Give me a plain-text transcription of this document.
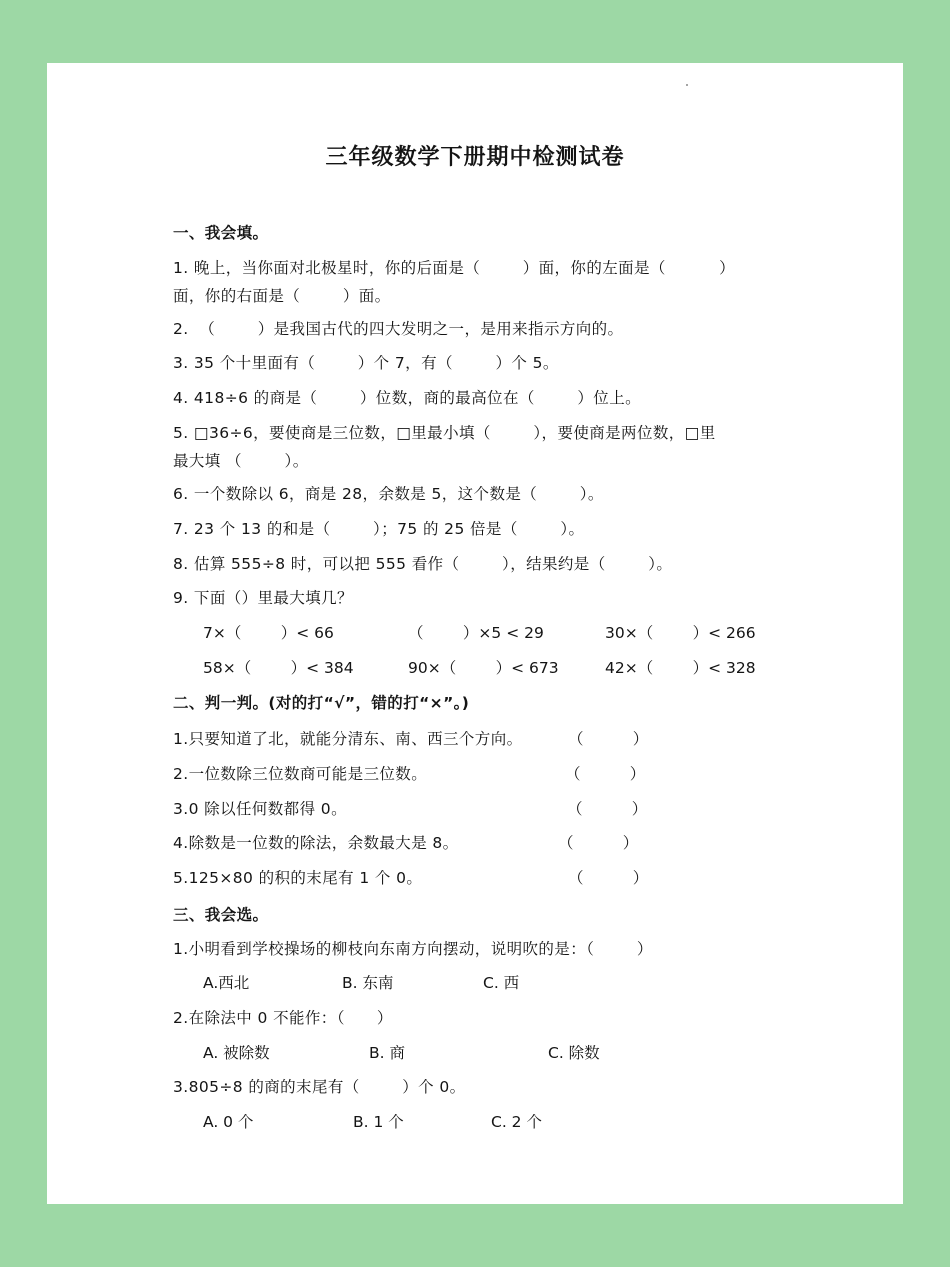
三年级数学下册期中检测试卷
一、我会填。
1. 晚上，当你面对北极星时，你的后面是（        ）面，你的左面是（          ）
面，你的右面是（        ）面。
2.  （        ）是我国古代的四大发明之一，是用来指示方向的。
3. 35 个十里面有（        ）个 7，有（        ）个 5。
4. 418÷6 的商是（        ）位数，商的最高位在（        ）位上。
5. □36÷6，要使商是三位数，□里最小填（        ），要使商是两位数，□里
最大填 （        ）。
6. 一个数除以 6，商是 28，余数是 5，这个数是（        ）。
7. 23 个 13 的和是（        ）；75 的 25 倍是（        ）。
8. 估算 555÷8 时，可以把 555 看作（        ），结果约是（        ）。
9. 下面（）里最大填几？
7×（        ）< 66	（        ）×5 < 29	30×（        ）< 266
58×（        ）< 384	90×（        ）< 673	42×（        ）< 328
二、判一判。(对的打“√”，错的打“×”。)
1.只要知道了北，就能分清东、南、西三个方向。	（          ）
2.一位数除三位数商可能是三位数。	（          ）
3.0 除以任何数都得 0。	（          ）
4.除数是一位数的除法，余数最大是 8。	（          ）
5.125×80 的积的末尾有 1 个 0。	（          ）
三、我会选。
1.小明看到学校操场的柳枝向东南方向摆动，说明吹的是：（        ）
A.西北	B. 东南	C. 西
2.在除法中 0 不能作：（      ）
A. 被除数	B. 商	C. 除数
3.805÷8 的商的末尾有（        ）个 0。
A. 0 个	B. 1 个	C. 2 个
